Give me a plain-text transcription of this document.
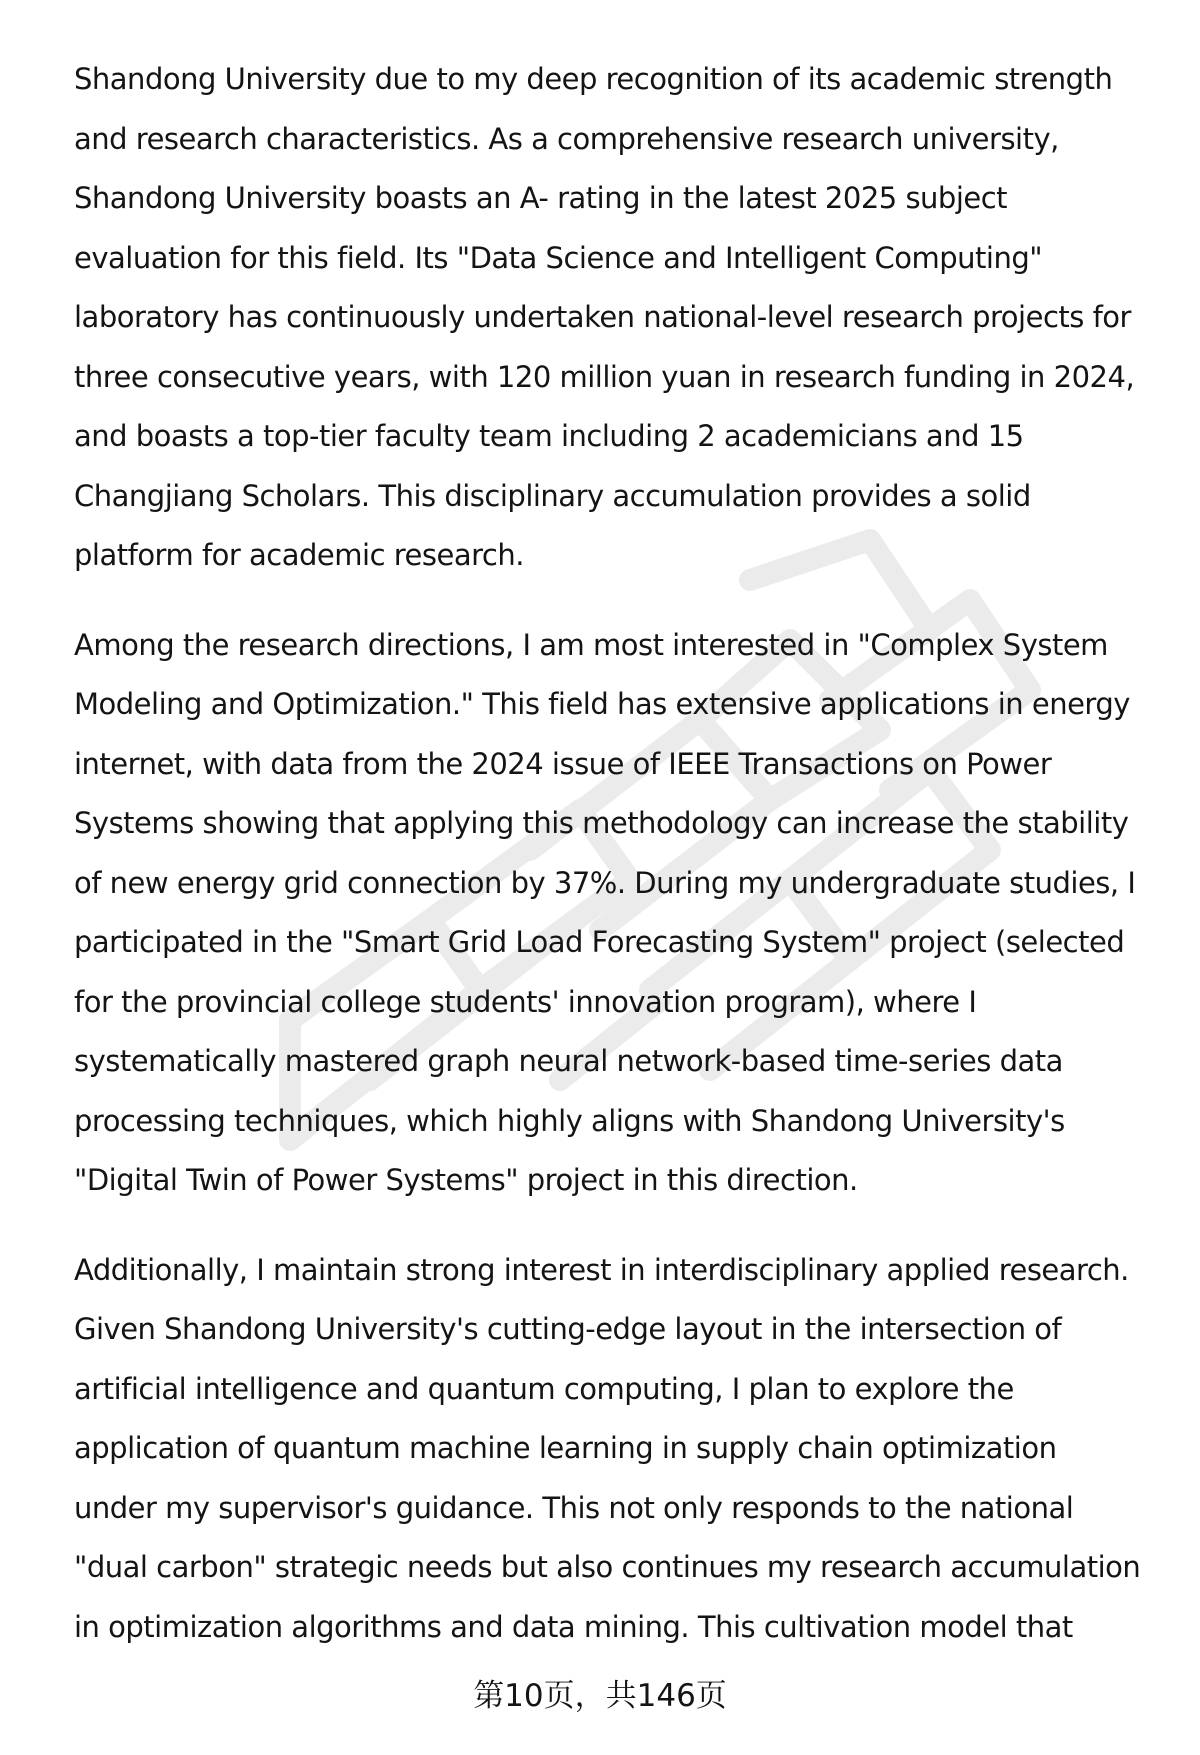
Shandong University due to my deep recognition of its academic strength
and research characteristics. As a comprehensive research university,
Shandong University boasts an A- rating in the latest 2025 subject
evaluation for this field. Its "Data Science and Intelligent Computing"
laboratory has continuously undertaken national-level research projects for
three consecutive years, with 120 million yuan in research funding in 2024,
and boasts a top-tier faculty team including 2 academicians and 15
Changjiang Scholars. This disciplinary accumulation provides a solid
platform for academic research.
Among the research directions, I am most interested in "Complex System
Modeling and Optimization." This field has extensive applications in energy
internet, with data from the 2024 issue of IEEE Transactions on Power
Systems showing that applying this methodology can increase the stability
of new energy grid connection by 37%. During my undergraduate studies, I
participated in the "Smart Grid Load Forecasting System" project (selected
for the provincial college students' innovation program), where I
systematically mastered graph neural network-based time-series data
processing techniques, which highly aligns with Shandong University's
"Digital Twin of Power Systems" project in this direction.
Additionally, I maintain strong interest in interdisciplinary applied research.
Given Shandong University's cutting-edge layout in the intersection of
artificial intelligence and quantum computing, I plan to explore the
application of quantum machine learning in supply chain optimization
under my supervisor's guidance. This not only responds to the national
"dual carbon" strategic needs but also continues my research accumulation
in optimization algorithms and data mining. This cultivation model that
第10页，共146页
